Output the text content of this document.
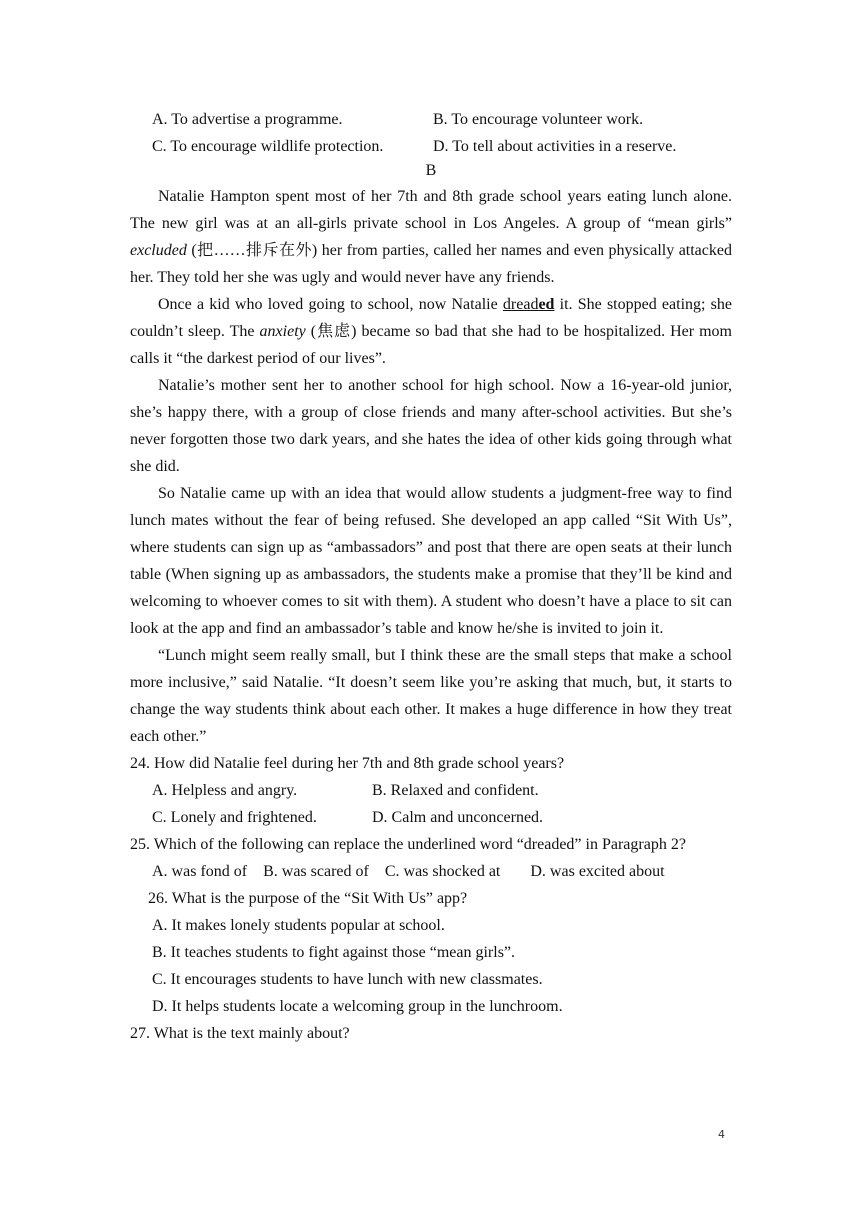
A. To advertise a programme.	B. To encourage volunteer work.
C. To encourage wildlife protection.	D. To tell about activities in a reserve.
B

Natalie Hampton spent most of her 7th and 8th grade school years eating lunch alone. The new girl was at an all-girls private school in Los Angeles. A group of “mean girls” excluded (把……排斥在外) her from parties, called her names and even physically attacked her. They told her she was ugly and would never have any friends.

Once a kid who loved going to school, now Natalie dreaded it. She stopped eating; she couldn’t sleep. The anxiety (焦虑) became so bad that she had to be hospitalized. Her mom calls it “the darkest period of our lives”.

Natalie’s mother sent her to another school for high school. Now a 16-year-old junior, she’s happy there, with a group of close friends and many after-school activities. But she’s never forgotten those two dark years, and she hates the idea of other kids going through what she did.

So Natalie came up with an idea that would allow students a judgment-free way to find lunch mates without the fear of being refused. She developed an app called “Sit With Us”, where students can sign up as “ambassadors” and post that there are open seats at their lunch table (When signing up as ambassadors, the students make a promise that they’ll be kind and welcoming to whoever comes to sit with them). A student who doesn’t have a place to sit can look at the app and find an ambassador’s table and know he/she is invited to join it.

“Lunch might seem really small, but I think these are the small steps that make a school more inclusive,” said Natalie. “It doesn’t seem like you’re asking that much, but, it starts to change the way students think about each other. It makes a huge difference in how they treat each other.”

24. How did Natalie feel during her 7th and 8th grade school years?

A. Helpless and angry.	B. Relaxed and confident.
C. Lonely and frightened.	D. Calm and unconcerned.

25. Which of the following can replace the underlined word “dreaded” in Paragraph 2?

A. was fond of B. was scared of C. was shocked at D. was excited about

26. What is the purpose of the “Sit With Us” app?

A. It makes lonely students popular at school.
B. It teaches students to fight against those “mean girls”.
C. It encourages students to have lunch with new classmates.
D. It helps students locate a welcoming group in the lunchroom.

27. What is the text mainly about?

4
